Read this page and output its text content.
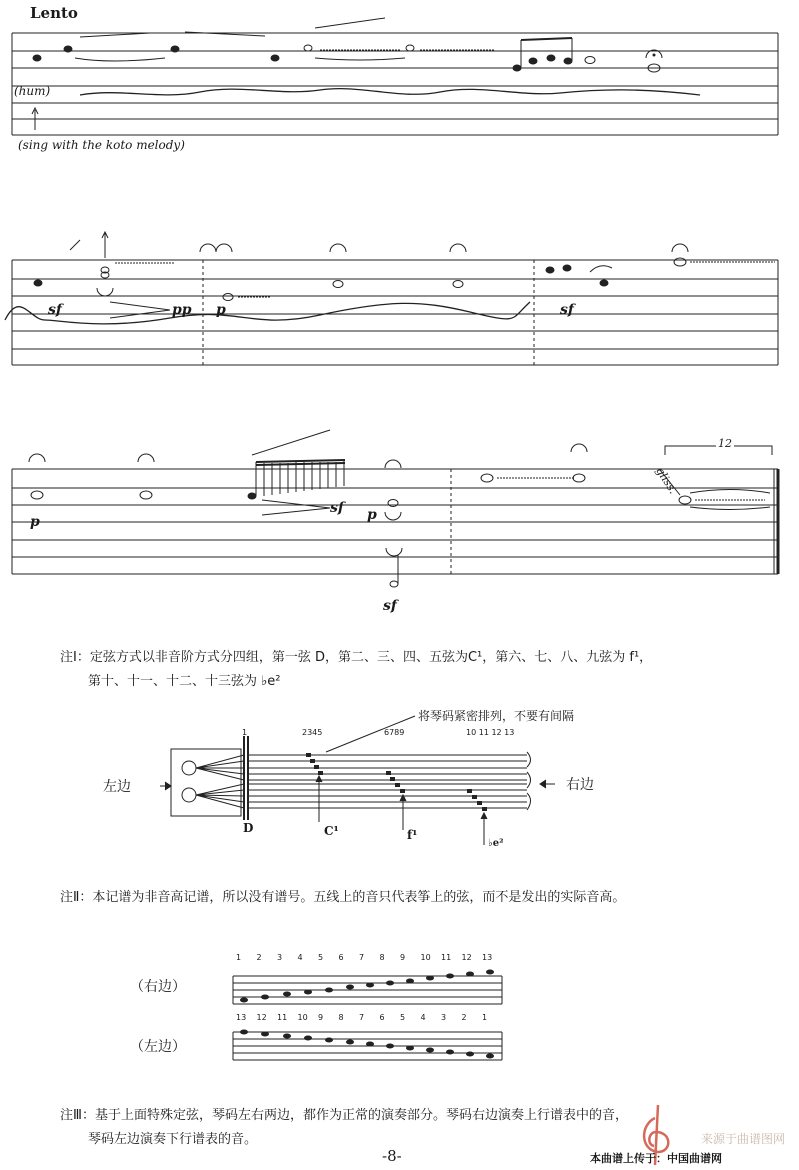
Lento
(hum)
(sing with the koto melody)
sf	pp p	sf
p
sf p
sf
gliss.
12
注Ⅰ：定弦方式以非音阶方式分四组，第一弦 D，第二、三、四、五弦为C¹，第六、七、八、九弦为 f¹，
第十、十一、十二、十三弦为 ♭e²
左边	右边
将琴码紧密排列，不要有间隔
1	2345	6789	10 11 12 13
D	C¹	f¹
♭e²
注Ⅱ：本记谱为非音高记谱，所以没有谱号。五线上的音只代表筝上的弦，而不是发出的实际音高。
（右边）
（左边）
1	2	3	4	5	6	7	8	9	10	11	12	13
13	12	11	10	9	8	7	6	5	4	3	2	1
注Ⅲ：基于上面特殊定弦，琴码左右两边，都作为正常的演奏部分。琴码右边演奏上行谱表中的音，
琴码左边演奏下行谱表的音。
-8-
来源于曲谱图网
本曲谱上传于：中国曲谱网
